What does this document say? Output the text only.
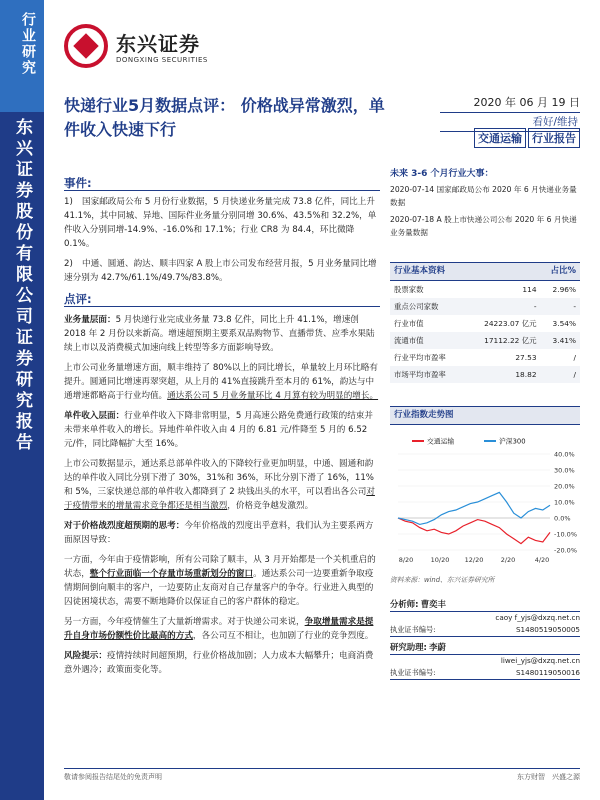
行业研究
东兴证券股份有限公司证券研究报告
东兴证券
DONGXING SECURITIES
快递行业5月数据点评： 价格战异常激烈，单件收入快速下行
2020 年 06 月 19 日
看好/维持
交通运输 行业报告
事件:
1) 国家邮政局公布 5 月份行业数据，5 月快递业务量完成 73.8 亿件，同比上升 41.1%，其中同城、异地、国际件业务量分别同增 30.6%、43.5%和 32.2%，单件收入分别同增-14.9%、-16.0%和 17.1%；行业 CR8 为 84.4，环比微降 0.1%。
2) 中通、圆通、韵达、顺丰四家 A 股上市公司发布经营月报，5 月业务量同比增速分别为 42.7%/61.1%/49.7%/83.8%。
点评:

业务量层面：5 月快递行业完成业务量 73.8 亿件，同比上升 41.1%，增速创 2018 年 2 月份以来新高。增速超预期主要系双品购物节、直播带货、应季水果陆续上市以及消费模式加速向线上转型等多方面影响导致。

上市公司业务量增速方面，顺丰维持了 80%以上的同比增长，单量较上月环比略有提升。圆通同比增速再翠突超，从上月的 41%直接跳升至本月的 61%，韵达与中通增速都略高于行业均值。通达系公司 5 月业务量环比 4 月算有较为明显的增长。

单件收入层面：行业单件收入下降非常明显，5 月高速公路免费通行政策的结束并未带来单件收入的增长。异地件单件收入由 4 月的 6.81 元/件降至 5 月的 6.52 元/件，同比降幅扩大至 16%。

上市公司数据显示，通达系总部单件收入的下降较行业更加明显，中通、圆通和韵达的单件收入同比分别下滑了 30%，31%和 36%，环比分别下滑了 16%，11%和 5%，三家快递总部的单件收入都降到了 2 块钱出头的水平，可以看出各公司对于疫情带来的增量需求竞争都还是相当激烈，价格竞争越发激烈。

对于价格战烈度超预期的思考：今年价格战的烈度出乎意料，我们认为主要系两方面原因导致：

一方面，今年由于疫情影响，所有公司除了顺丰，从 3 月开始都是一个关机重启的状态，整个行业面临一个存量市场重新划分的窗口。通达系公司一边要重新争取疫情期间倒向顺丰的客户，一边要防止友商对自己存量客户的争夺。行业进入典型的囚徒困境状态，需要不断地降价以保证自己的客户群体的稳定。

另一方面，今年疫情催生了大量新增需求。对于快递公司来说，争取增量需求是提升自身市场份额性价比最高的方式，各公司互不相让，也加剧了行业的竞争烈度。

风险提示：疫情持续时间超预期，行业价格战加剧；人力成本大幅攀升；电商消费意外遇冷；政策面变化等。

未来 3-6 个月行业大事：
2020-07-14 国家邮政局公布 2020 年 6 月快递业务量数据
2020-07-18 A 股上市快递公司公布 2020 年 6 月快递业务量数据
行业基本资料	占比%
股票家数	114	2.96%
重点公司家数	-	-
行业市值	24223.07 亿元	3.54%
流通市值	17112.22 亿元	3.41%
行业平均市盈率	27.53	/
市场平均市盈率	18.82	/
行业指数走势图
40.0%
30.0%
20.0%
10.0%
0.0%
-10.0%
-20.0%
8/20	10/20 12/20	2/20	4/20
交通运输	沪深300
资料来源：wind、东兴证券研究所
分析师: 曹奕丰
caoy f_yjs@dxzq.net.cn
执业证书编号:	S1480519050005
研究助理: 李蔚
liwei_yjs@dxzq.net.cn
执业证书编号:	S1480119050016
敬请参阅报告结尾处的免责声明	东方财智　兴盛之源
